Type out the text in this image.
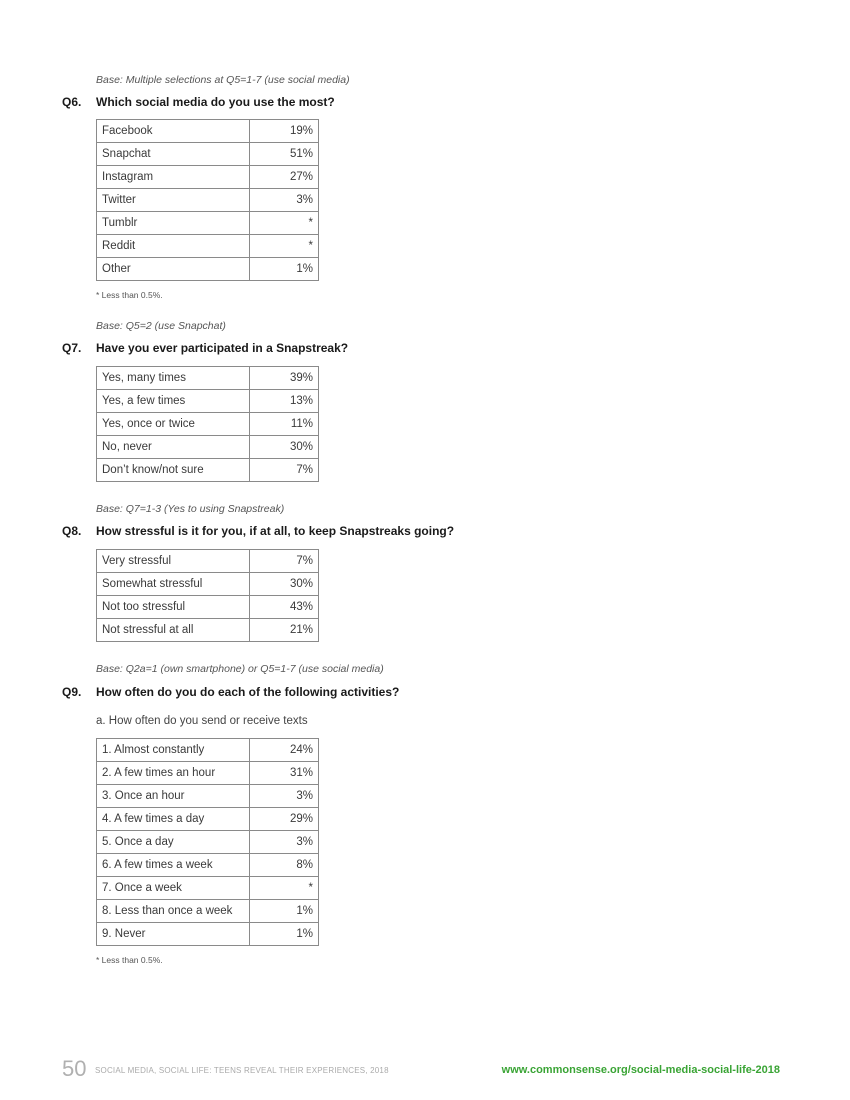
Base: Multiple selections at Q5=1-7 (use social media)
Q6.	Which social media do you use the most?
Facebook	19%
Snapchat	51%
Instagram	27%
Twitter	3%
Tumblr	*
Reddit	*
Other	1%
* Less than 0.5%.
Base: Q5=2 (use Snapchat)
Q7.	Have you ever participated in a Snapstreak?
Yes, many times	39%
Yes, a few times	13%
Yes, once or twice	11%
No, never	30%
Don’t know/not sure	7%
Base: Q7=1-3 (Yes to using Snapstreak)
Q8.	How stressful is it for you, if at all, to keep Snapstreaks going?
Very stressful	7%
Somewhat stressful	30%
Not too stressful	43%
Not stressful at all	21%
Base: Q2a=1 (own smartphone) or Q5=1-7 (use social media)
Q9.	How often do you do each of the following activities?
a. How often do you send or receive texts
1. Almost constantly	24%
2. A few times an hour	31%
3. Once an hour	3%
4. A few times a day	29%
5. Once a day	3%
6. A few times a week	8%
7. Once a week	*
8. Less than once a week	1%
9. Never	1%
* Less than 0.5%.
50 SOCIAL MEDIA, SOCIAL LIFE: TEENS REVEAL THEIR EXPERIENCES, 2018	www.commonsense.org/social-media-social-life-2018
